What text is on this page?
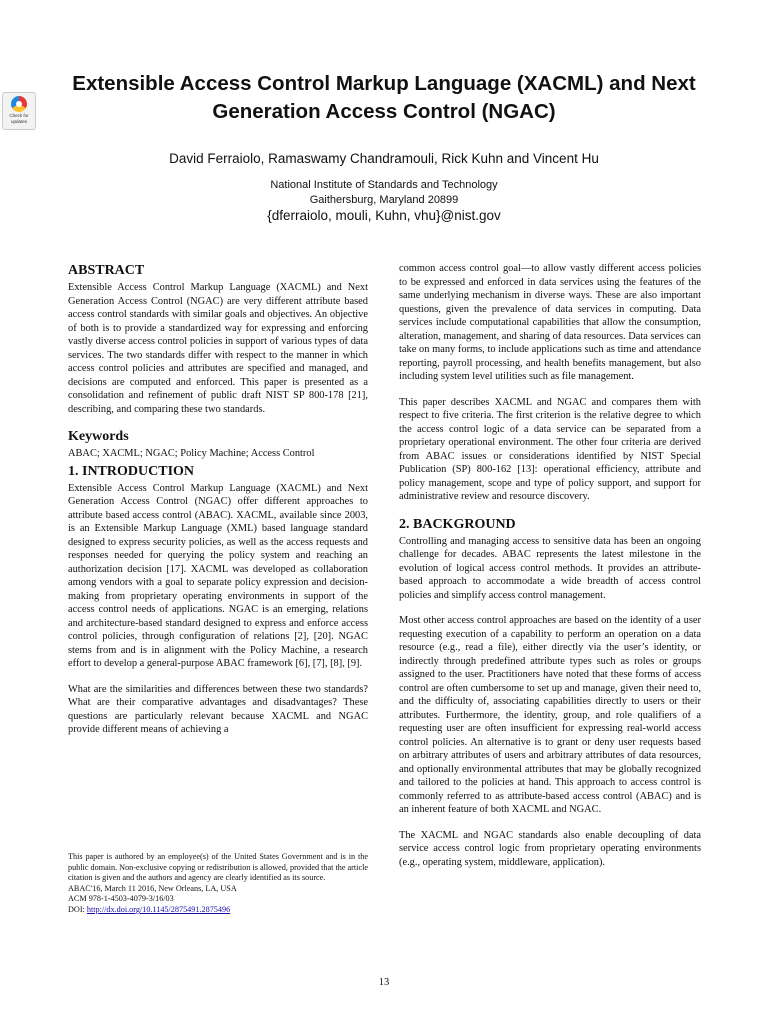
Check for
updates
Extensible Access Control Markup Language (XACML) and Next Generation Access Control (NGAC)
David Ferraiolo, Ramaswamy Chandramouli, Rick Kuhn and Vincent Hu
National Institute of Standards and Technology
Gaithersburg, Maryland 20899
{dferraiolo, mouli, Kuhn, vhu}@nist.gov
ABSTRACT

Extensible Access Control Markup Language (XACML) and Next Generation Access Control (NGAC) are very different attribute based access control standards with similar goals and objectives. An objective of both is to provide a standardized way for expressing and enforcing vastly diverse access control policies in support of various types of data services. The two standards differ with respect to the manner in which access control policies and attributes are specified and managed, and decisions are computed and enforced. This paper is presented as a consolidation and refinement of public draft NIST SP 800-178 [21], describing, and comparing these two standards.

Keywords

ABAC; XACML; NGAC; Policy Machine; Access Control

1. INTRODUCTION

Extensible Access Control Markup Language (XACML) and Next Generation Access Control (NGAC) offer different approaches to attribute based access control (ABAC). XACML, available since 2003, is an Extensible Markup Language (XML) based language standard designed to express security policies, as well as the access requests and responses needed for querying the policy system and reaching an authorization decision [17]. XACML was developed as collaboration among vendors with a goal to separate policy expression and decision-making from proprietary operating environments in support of the access control needs of applications. NGAC is an emerging, relations and architecture-based standard designed to express and enforce access control policies, through configuration of relations [2], [20]. NGAC stems from and is in alignment with the Policy Machine, a research effort to develop a general-purpose ABAC framework [6], [7], [8], [9].

What are the similarities and differences between these two standards? What are their comparative advantages and disadvantages? These questions are particularly relevant because XACML and NGAC provide different means of achieving a

common access control goal—to allow vastly different access policies to be expressed and enforced in data services using the features of the same underlying mechanism in diverse ways. These are also important questions, given the prevalence of data services in computing. Data services include computational capabilities that allow the consumption, alteration, management, and sharing of data resources. Data services can take on many forms, to include applications such as time and attendance reporting, payroll processing, and health benefits management, but also including system level utilities such as file management.

This paper describes XACML and NGAC and compares them with respect to five criteria. The first criterion is the relative degree to which the access control logic of a data service can be separated from a proprietary operational environment. The other four criteria are derived from ABAC issues or considerations identified by NIST Special Publication (SP) 800-162 [13]: operational efficiency, attribute and policy management, scope and type of policy support, and support for administrative review and resource discovery.

2. BACKGROUND

Controlling and managing access to sensitive data has been an ongoing challenge for decades. ABAC represents the latest milestone in the evolution of logical access control methods. It provides an attribute-based approach to accommodate a wide breadth of access control policies and simplify access control management.

Most other access control approaches are based on the identity of a user requesting execution of a capability to perform an operation on a data resource (e.g., read a file), either directly via the user’s identity, or indirectly through predefined attribute types such as roles or groups assigned to the user. Practitioners have noted that these forms of access control are often cumbersome to set up and manage, given their need to, and the difficulty of, associating capabilities directly to users or their attributes. Furthermore, the identity, group, and role qualifiers of a requesting user are often insufficient for expressing real-world access control policies. An alternative is to grant or deny user requests based on arbitrary attributes of users and arbitrary attributes of data resources, and optionally environmental attributes that may be globally recognized and tailored to the policies at hand. This approach to access control is commonly referred to as attribute-based access control (ABAC) and is an inherent feature of both XACML and NGAC.

The XACML and NGAC standards also enable decoupling of data service access control logic from proprietary operating environments (e.g., operating system, middleware, application).

This paper is authored by an employee(s) of the United States Government and is in the public domain. Non-exclusive copying or redistribution is allowed, provided that the article citation is given and the authors and agency are clearly identified as its source.

ABAC'16, March 11 2016, New Orleans, LA, USA

ACM 978-1-4503-4079-3/16/03

DOI: http://dx.doi.org/10.1145/2875491.2875496

13
